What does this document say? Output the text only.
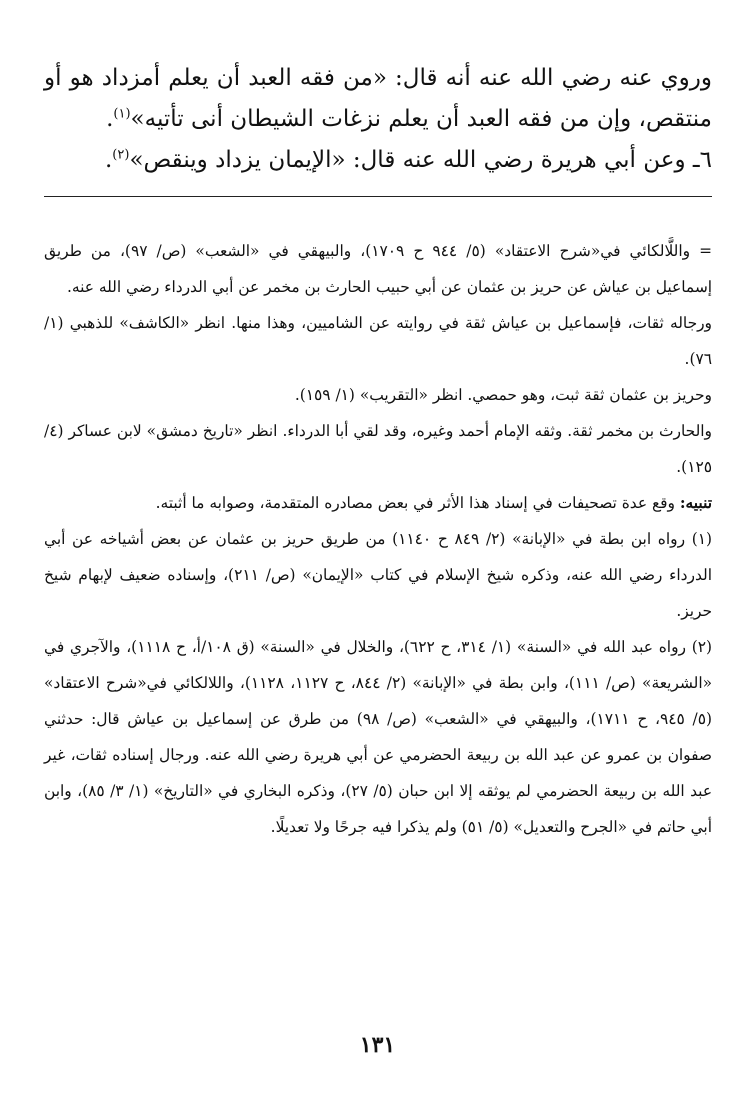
وروي عنه رضي الله عنه أنه قال: «من فقه العبد أن يعلم أمزداد هو أو منتقص، وإن من فقه العبد أن يعلم نزغات الشيطان أنى تأتيه»$^{(١)}$.

٦ـ وعن أبي هريرة رضي الله عنه قال: «الإيمان يزداد وينقص»$^{(٢)}$.

= واللَّالكائي في«شرح الاعتقاد» (٥/ ٩٤٤ ح ١٧٠٩)، والبيهقي في «الشعب» (ص/ ٩٧)، من طريق إسماعيل بن عياش عن حريز بن عثمان عن أبي حبيب الحارث بن مخمر عن أبي الدرداء رضي الله عنه.

ورجاله ثقات، فإسماعيل بن عياش ثقة في روايته عن الشاميين، وهذا منها. انظر «الكاشف» للذهبي (١/ ٧٦).

وحريز بن عثمان ثقة ثبت، وهو حمصي. انظر «التقريب» (١/ ١٥٩).

والحارث بن مخمر ثقة. وثقه الإمام أحمد وغيره، وقد لقي أبا الدرداء. انظر «تاريخ دمشق» لابن عساكر (٤/ ١٢٥).

تنبيه: وقع عدة تصحيفات في إسناد هذا الأثر في بعض مصادره المتقدمة، وصوابه ما أثبته.

(١) رواه ابن بطة في «الإبانة» (٢/ ٨٤٩ ح ١١٤٠) من طريق حريز بن عثمان عن بعض أشياخه عن أبي الدرداء رضي الله عنه، وذكره شيخ الإسلام في كتاب «الإيمان» (ص/ ٢١١)، وإسناده ضعيف لإبهام شيخ حريز.

(٢) رواه عبد الله في «السنة» (١/ ٣١٤، ح ٦٢٢)، والخلال في «السنة» (ق ١٠٨/أ، ح ١١١٨)، والآجري في «الشريعة» (ص/ ١١١)، وابن بطة في «الإبانة» (٢/ ٨٤٤، ح ١١٢٧، ١١٢٨)، واللالكائي في«شرح الاعتقاد» (٥/ ٩٤٥، ح ١٧١١)، والبيهقي في «الشعب» (ص/ ٩٨) من طرق عن إسماعيل بن عياش قال: حدثني صفوان بن عمرو عن عبد الله بن ربيعة الحضرمي عن أبي هريرة رضي الله عنه. ورجال إسناده ثقات، غير عبد الله بن ربيعة الحضرمي لم يوثقه إلا ابن حبان (٥/ ٢٧)، وذكره البخاري في «التاريخ» (١/ ٣/ ٨٥)، وابن أبي حاتم في «الجرح والتعديل» (٥/ ٥١) ولم يذكرا فيه جرحًا ولا تعديلًا.

١٣١
